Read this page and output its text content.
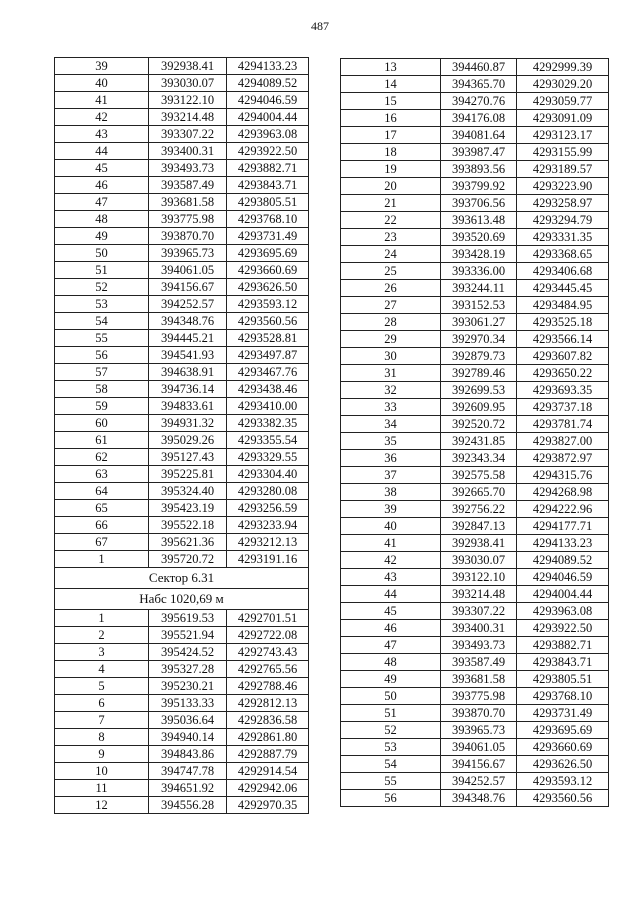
487
39	392938.41	4294133.23
40	393030.07	4294089.52
41	393122.10	4294046.59
42	393214.48	4294004.44
43	393307.22	4293963.08
44	393400.31	4293922.50
45	393493.73	4293882.71
46	393587.49	4293843.71
47	393681.58	4293805.51
48	393775.98	4293768.10
49	393870.70	4293731.49
50	393965.73	4293695.69
51	394061.05	4293660.69
52	394156.67	4293626.50
53	394252.57	4293593.12
54	394348.76	4293560.56
55	394445.21	4293528.81
56	394541.93	4293497.87
57	394638.91	4293467.76
58	394736.14	4293438.46
59	394833.61	4293410.00
60	394931.32	4293382.35
61	395029.26	4293355.54
62	395127.43	4293329.55
63	395225.81	4293304.40
64	395324.40	4293280.08
65	395423.19	4293256.59
66	395522.18	4293233.94
67	395621.36	4293212.13
1	395720.72	4293191.16
Сектор 6.31		
Набс 1020,69 м		
1	395619.53	4292701.51
2	395521.94	4292722.08
3	395424.52	4292743.43
4	395327.28	4292765.56
5	395230.21	4292788.46
6	395133.33	4292812.13
7	395036.64	4292836.58
8	394940.14	4292861.80
9	394843.86	4292887.79
10	394747.78	4292914.54
11	394651.92	4292942.06
12	394556.28	4292970.35
13	394460.87	4292999.39
14	394365.70	4293029.20
15	394270.76	4293059.77
16	394176.08	4293091.09
17	394081.64	4293123.17
18	393987.47	4293155.99
19	393893.56	4293189.57
20	393799.92	4293223.90
21	393706.56	4293258.97
22	393613.48	4293294.79
23	393520.69	4293331.35
24	393428.19	4293368.65
25	393336.00	4293406.68
26	393244.11	4293445.45
27	393152.53	4293484.95
28	393061.27	4293525.18
29	392970.34	4293566.14
30	392879.73	4293607.82
31	392789.46	4293650.22
32	392699.53	4293693.35
33	392609.95	4293737.18
34	392520.72	4293781.74
35	392431.85	4293827.00
36	392343.34	4293872.97
37	392575.58	4294315.76
38	392665.70	4294268.98
39	392756.22	4294222.96
40	392847.13	4294177.71
41	392938.41	4294133.23
42	393030.07	4294089.52
43	393122.10	4294046.59
44	393214.48	4294004.44
45	393307.22	4293963.08
46	393400.31	4293922.50
47	393493.73	4293882.71
48	393587.49	4293843.71
49	393681.58	4293805.51
50	393775.98	4293768.10
51	393870.70	4293731.49
52	393965.73	4293695.69
53	394061.05	4293660.69
54	394156.67	4293626.50
55	394252.57	4293593.12
56	394348.76	4293560.56
